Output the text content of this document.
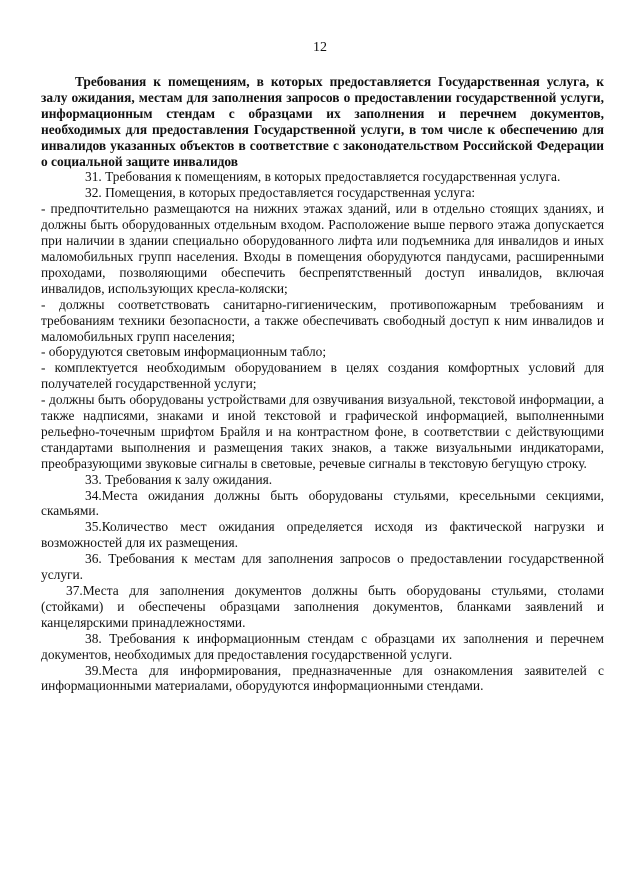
12

Требования к помещениям, в которых предоставляется Государственная услуга, к залу ожидания, местам для заполнения запросов о предоставлении государственной услуги, информационным стендам с образцами их заполнения и перечнем документов, необходимых для предоставления Государственной услуги, в том числе к обеспечению для инвалидов указанных объектов в соответствие с законодательством Российской Федерации о социальной защите инвалидов

31. Требования к помещениям, в которых предоставляется государственная услуга.

32. Помещения, в которых предоставляется государственная услуга:

- предпочтительно размещаются на нижних этажах зданий, или в отдельно стоящих зданиях, и должны быть оборудованных отдельным входом. Расположение выше первого этажа допускается при наличии в здании специально оборудованного лифта или подъемника для инвалидов и иных маломобильных групп населения. Входы в помещения оборудуются пандусами, расширенными проходами, позволяющими обеспечить беспрепятственный доступ инвалидов, включая инвалидов, использующих кресла-коляски;

- должны соответствовать санитарно-гигиеническим, противопожарным требованиям и требованиям техники безопасности, а также обеспечивать свободный доступ к ним инвалидов и маломобильных групп населения;

- оборудуются световым информационным табло;

- комплектуется необходимым оборудованием в целях создания комфортных условий для получателей государственной услуги;

- должны быть оборудованы устройствами для озвучивания визуальной, текстовой информации, а также надписями, знаками и иной текстовой и графической информацией, выполненными рельефно-точечным шрифтом Брайля и на контрастном фоне, в соответствии с действующими стандартами выполнения и размещения таких знаков, а также визуальными индикаторами, преобразующими звуковые сигналы в световые, речевые сигналы в текстовую бегущую строку.

33. Требования к залу ожидания.

34.Места ожидания должны быть оборудованы стульями, кресельными секциями, скамьями.

35.Количество мест ожидания определяется исходя из фактической нагрузки и возможностей для их размещения.

36. Требования к местам для заполнения запросов о предоставлении государственной услуги.

37.Места для заполнения документов должны быть оборудованы стульями, столами (стойками) и обеспечены образцами заполнения документов, бланками заявлений и канцелярскими принадлежностями.

38. Требования к информационным стендам с образцами их заполнения и перечнем документов, необходимых для предоставления государственной услуги.

39.Места для информирования, предназначенные для ознакомления заявителей с информационными материалами, оборудуются информационными стендами.
